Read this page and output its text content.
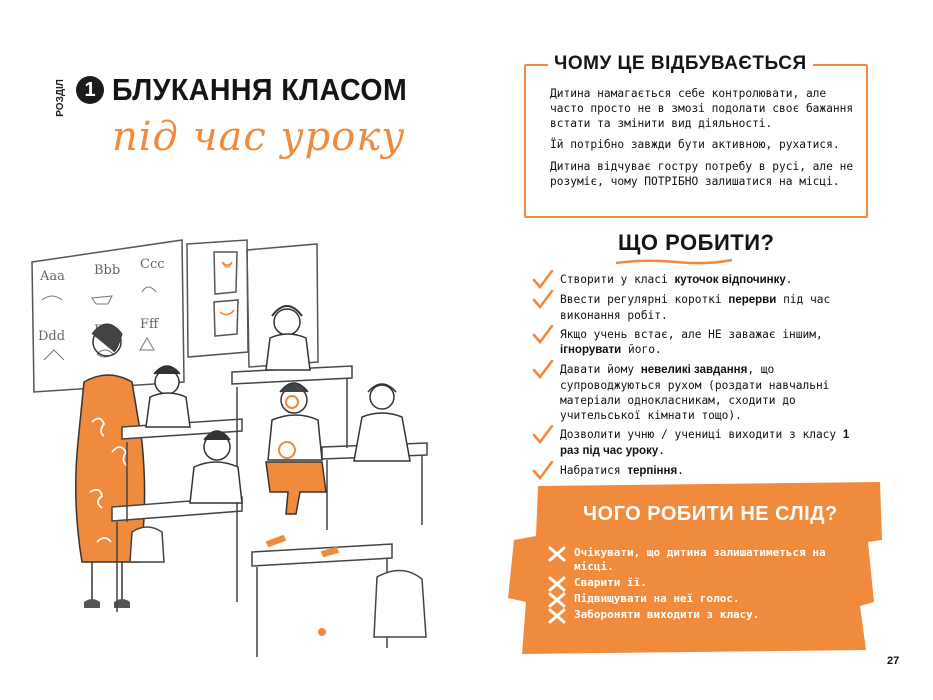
РОЗДІЛ 1 БЛУКАННЯ КЛАСОМ
під час уроку
Aaa Bbb Ccc
Ddd
Fff
ЧОМУ ЦЕ ВІДБУВАЄТЬСЯ
Дитина намагається себе контролювати, але часто просто не в змозі подолати своє бажання встати та змінити вид діяльності.
Їй потрібно завжди бути активною, рухатися.
Дитина відчуває гостру потребу в русі, але не розуміє, чому ПОТРІБНО залишатися на місці.
ЩО РОБИТИ?
Створити у класі куточок відпочинку.
Ввести регулярні короткі перерви під час виконання робіт.
Якщо учень встає, але НЕ заважає іншим, ігнорувати його.
Давати йому невеликі завдання, що супроводжуються рухом (роздати навчальні матеріали однокласникам, сходити до учительської кімнати тощо).
Дозволити учню / учениці виходити з класу 1 раз під час уроку.
Набратися терпіння.
ЧОГО РОБИТИ НЕ СЛІД?
Очікувати, що дитина залишатиметься на місці.
Сварити її.
Підвищувати на неї голос.
Забороняти виходити з класу.
27
